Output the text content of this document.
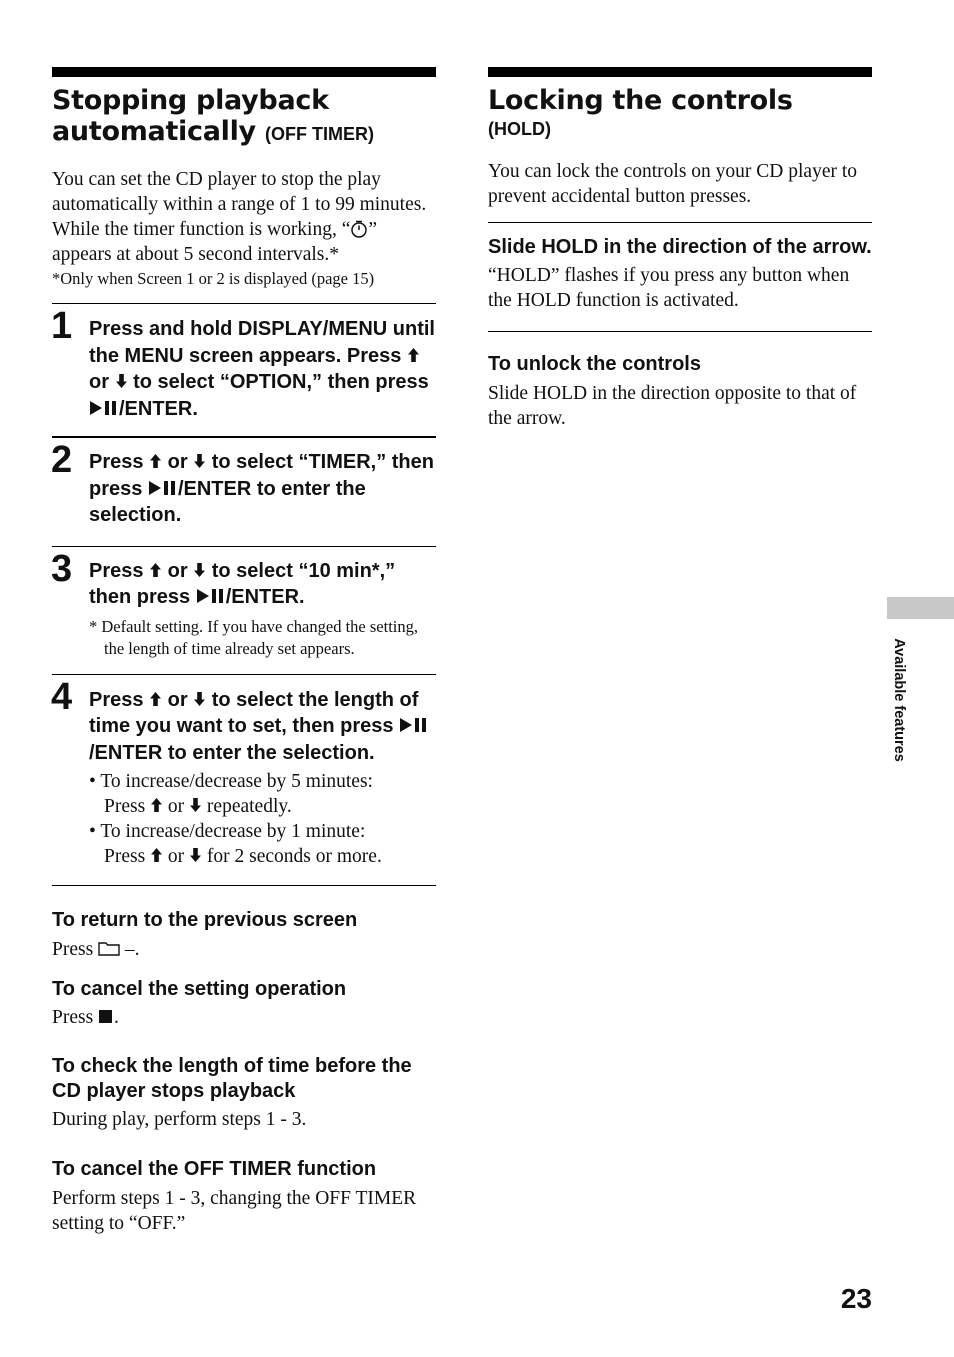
Stopping playback
automatically (OFF TIMER)
You can set the CD player to stop the play automatically within a range of 1 to 99 minutes. While the timer function is working, “ ” appears at about 5 second intervals.*
*Only when Screen 1 or 2 is displayed (page 15)
1 Press and hold DISPLAY/MENU until the MENU screen appears. Press  or  to select “OPTION,” then press /ENTER.
2 Press  or  to select “TIMER,” then press /ENTER to enter the selection.
3 Press  or  to select “10 min*,” then press /ENTER.
* Default setting. If you have changed the setting, the length of time already set appears.
4 Press  or  to select the length of time you want to set, then press /ENTER to enter the selection.
• To increase/decrease by 5 minutes:
Press  or  repeatedly.
• To increase/decrease by 1 minute:
Press  or  for 2 seconds or more.
To return to the previous screen
Press  –.
To cancel the setting operation
Press .
To check the length of time before the CD player stops playback
During play, perform steps 1 - 3.
To cancel the OFF TIMER function
Perform steps 1 - 3, changing the OFF TIMER setting to “OFF.”
Locking the controls
(HOLD)
You can lock the controls on your CD player to prevent accidental button presses.
Slide HOLD in the direction of the arrow.
“HOLD” flashes if you press any button when the HOLD function is activated.
To unlock the controls
Slide HOLD in the direction opposite to that of the arrow.
Available features
23
